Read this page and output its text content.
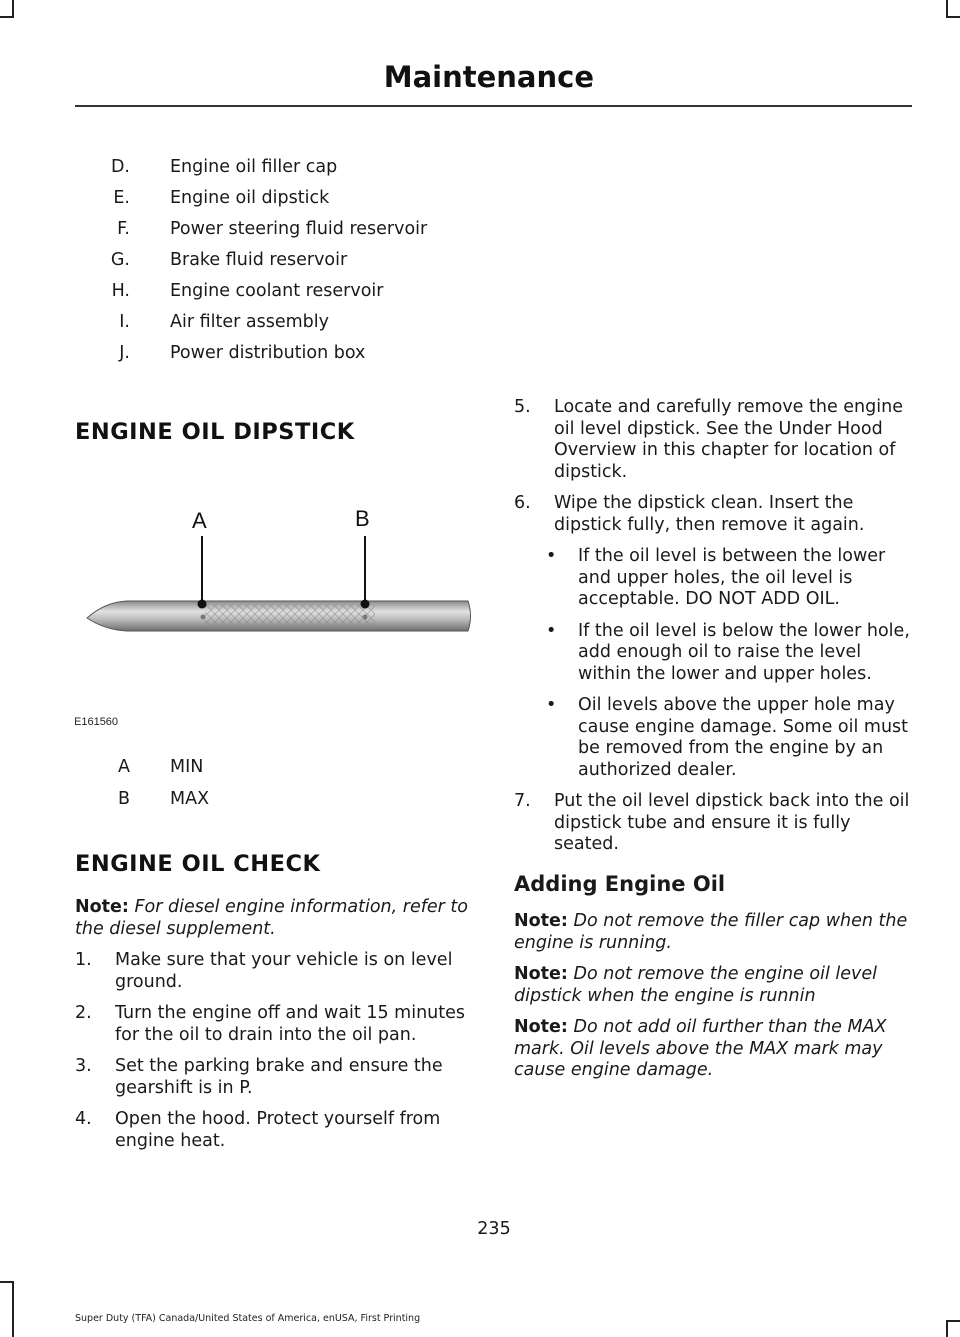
Maintenance
D. Engine oil filler cap
E. Engine oil dipstick
F. Power steering fluid reservoir
G. Brake fluid reservoir
H. Engine coolant reservoir
I. Air filter assembly
J. Power distribution box
ENGINE OIL DIPSTICK
A	B
E161560
A MIN
B MAX
ENGINE OIL CHECK

Note: For diesel engine information, refer to the diesel supplement.

1.	Make sure that your vehicle is on level ground.
2.	Turn the engine off and wait 15 minutes for the oil to drain into the oil pan.
3.	Set the parking brake and ensure the gearshift is in P.
4.	Open the hood. Protect yourself from engine heat.
5.	Locate and carefully remove the engine oil level dipstick. See the Under Hood Overview in this chapter for location of dipstick.
6.	Wipe the dipstick clean. Insert the dipstick fully, then remove it again.
•	If the oil level is between the lower and upper holes, the oil level is acceptable. DO NOT ADD OIL.
•	If the oil level is below the lower hole, add enough oil to raise the level within the lower and upper holes.
•	Oil levels above the upper hole may cause engine damage. Some oil must be removed from the engine by an authorized dealer.
7.	Put the oil level dipstick back into the oil dipstick tube and ensure it is fully seated.
Adding Engine Oil

Note: Do not remove the filler cap when the engine is running.

Note: Do not remove the engine oil level dipstick when the engine is runnin

Note: Do not add oil further than the MAX mark. Oil levels above the MAX mark may cause engine damage.

235
Super Duty (TFA) Canada/United States of America, enUSA, First Printing
